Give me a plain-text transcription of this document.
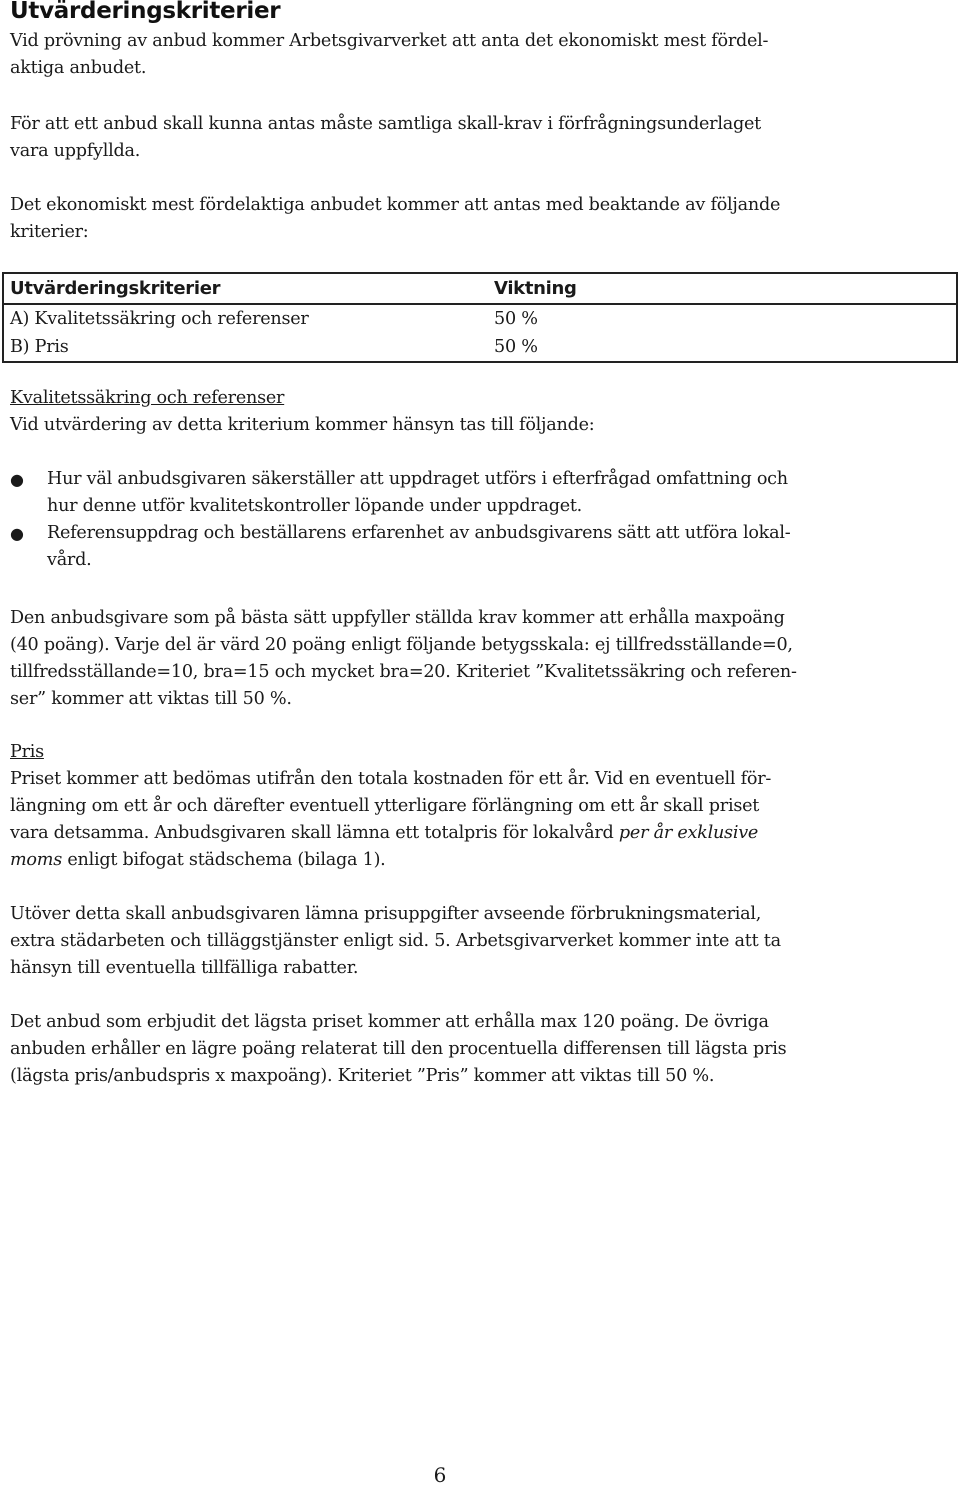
Utvärderingskriterier

Vid prövning av anbud kommer Arbetsgivarverket att anta det ekonomiskt mest fördel-
aktiga anbudet.

För att ett anbud skall kunna antas måste samtliga skall-krav i förfrågningsunderlaget
vara uppfyllda.

Det ekonomiskt mest fördelaktiga anbudet kommer att antas med beaktande av följande
kriterier:

Utvärderingskriterier	Viktning
A) Kvalitetssäkring och referenser	50 %
B) Pris	50 %

Kvalitetssäkring och referenser
Vid utvärdering av detta kriterium kommer hänsyn tas till följande:

● Hur väl anbudsgivaren säkerställer att uppdraget utförs i efterfrågad omfattning och
hur denne utför kvalitetskontroller löpande under uppdraget.
● Referensuppdrag och beställarens erfarenhet av anbudsgivarens sätt att utföra lokal-
vård.

Den anbudsgivare som på bästa sätt uppfyller ställda krav kommer att erhålla maxpoäng
(40 poäng). Varje del är värd 20 poäng enligt följande betygsskala: ej tillfredsställande=0,
tillfredsställande=10, bra=15 och mycket bra=20. Kriteriet ”Kvalitetssäkring och referen-
ser” kommer att viktas till 50 %.

Pris
Priset kommer att bedömas utifrån den totala kostnaden för ett år. Vid en eventuell för-
längning om ett år och därefter eventuell ytterligare förlängning om ett år skall priset
vara detsamma. Anbudsgivaren skall lämna ett totalpris för lokalvård per år exklusive
moms enligt bifogat städschema (bilaga 1).

Utöver detta skall anbudsgivaren lämna prisuppgifter avseende förbrukningsmaterial,
extra städarbeten och tilläggstjänster enligt sid. 5. Arbetsgivarverket kommer inte att ta
hänsyn till eventuella tillfälliga rabatter.

Det anbud som erbjudit det lägsta priset kommer att erhålla max 120 poäng. De övriga
anbuden erhåller en lägre poäng relaterat till den procentuella differensen till lägsta pris
(lägsta pris/anbudspris x maxpoäng). Kriteriet ”Pris” kommer att viktas till 50 %.

6
